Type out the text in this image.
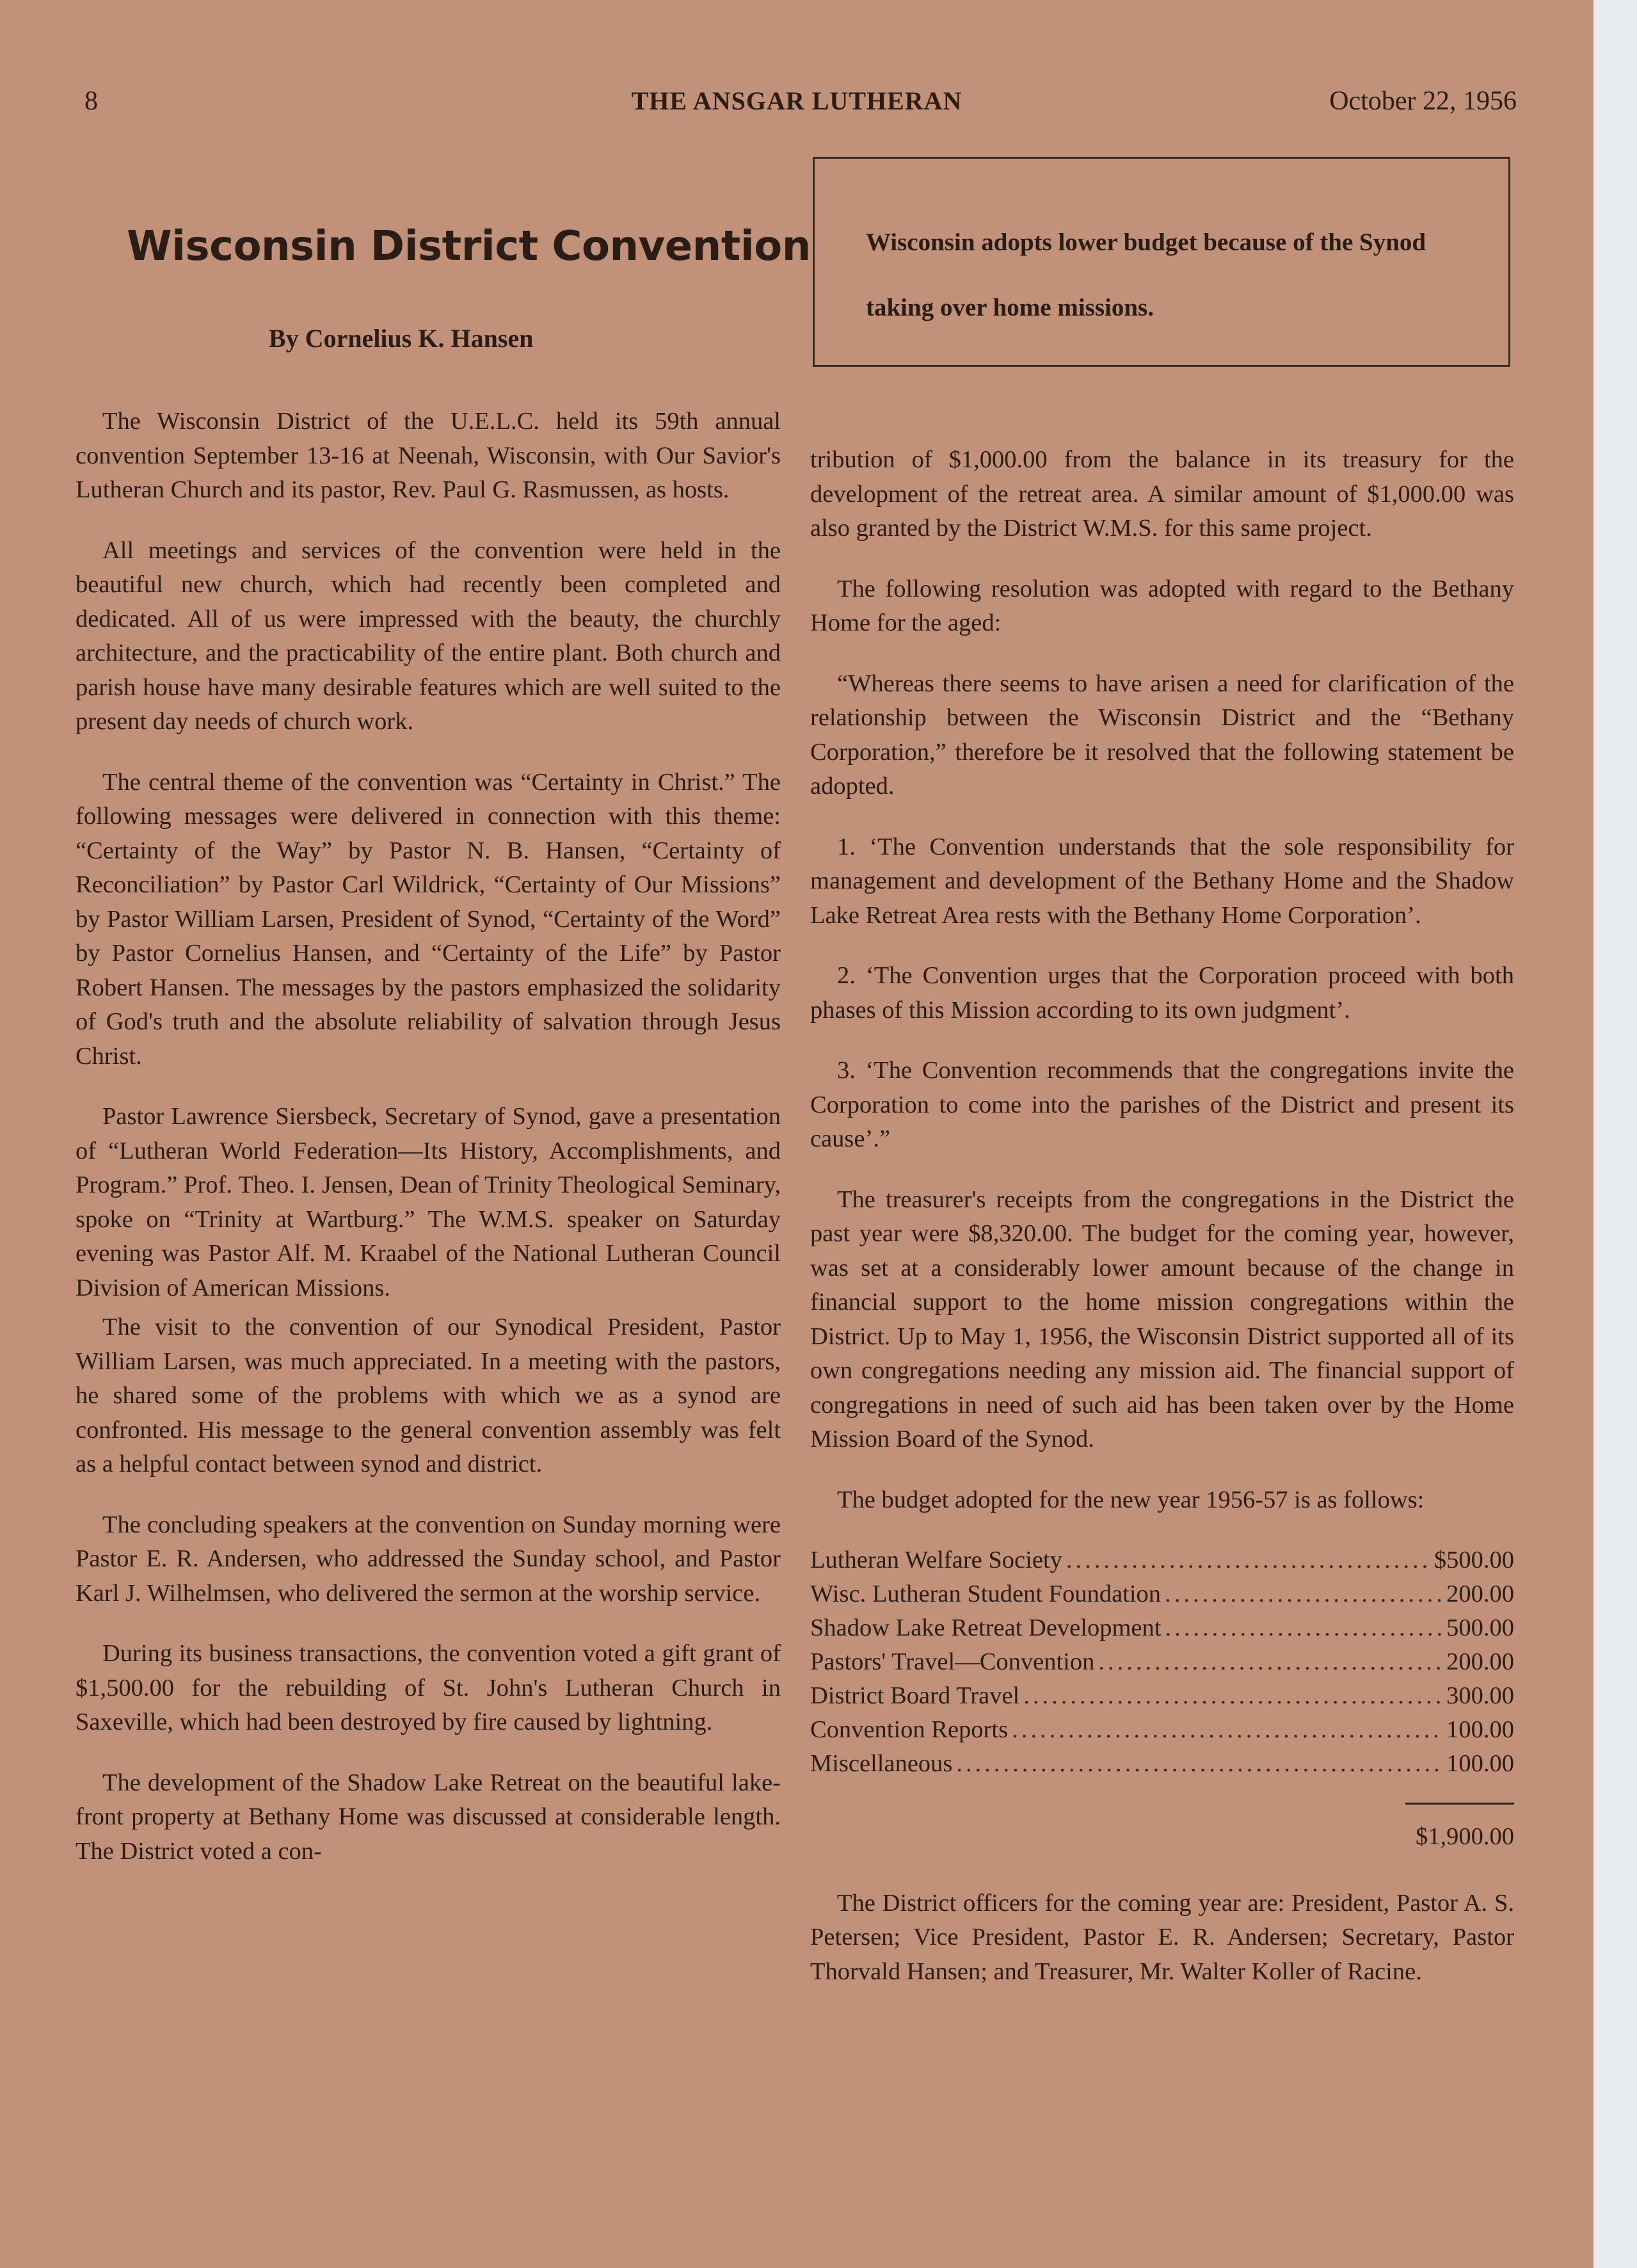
8	THE ANSGAR LUTHERAN	October 22, 1956
Wisconsin adopts lower budget because of the Synod taking over home missions.
Wisconsin District Convention
By Cornelius K. Hansen

The Wisconsin District of the U.E.L.C. held its 59th annual convention September 13-16 at Neenah, Wisconsin, with Our Savior's Lutheran Church and its pastor, Rev. Paul G. Rasmussen, as hosts.

All meetings and services of the convention were held in the beautiful new church, which had recently been completed and dedicated. All of us were impressed with the beauty, the churchly architecture, and the practicability of the entire plant. Both church and parish house have many desirable features which are well suited to the present day needs of church work.

The central theme of the convention was “Certainty in Christ.” The following messages were delivered in connection with this theme: “Certainty of the Way” by Pastor N. B. Hansen, “Certainty of Reconciliation” by Pastor Carl Wildrick, “Certainty of Our Missions” by Pastor William Larsen, President of Synod, “Certainty of the Word” by Pastor Cornelius Hansen, and “Certainty of the Life” by Pastor Robert Hansen. The messages by the pastors emphasized the solidarity of God's truth and the absolute reliability of salvation through Jesus Christ.

Pastor Lawrence Siersbeck, Secretary of Synod, gave a presentation of “Lutheran World Federation—Its History, Accomplishments, and Program.” Prof. Theo. I. Jensen, Dean of Trinity Theological Seminary, spoke on “Trinity at Wartburg.” The W.M.S. speaker on Saturday evening was Pastor Alf. M. Kraabel of the National Lutheran Council Division of American Missions.

The visit to the convention of our Synodical President, Pastor William Larsen, was much appreciated. In a meeting with the pastors, he shared some of the problems with which we as a synod are confronted. His message to the general convention assembly was felt as a helpful contact between synod and district.

The concluding speakers at the convention on Sunday morning were Pastor E. R. Andersen, who addressed the Sunday school, and Pastor Karl J. Wilhelmsen, who delivered the sermon at the worship service.

During its business transactions, the convention voted a gift grant of $1,500.00 for the rebuilding of St. John's Lutheran Church in Saxeville, which had been destroyed by fire caused by lightning.

The development of the Shadow Lake Retreat on the beautiful lake-front property at Bethany Home was discussed at considerable length. The District voted a con-

tribution of $1,000.00 from the balance in its treasury for the development of the retreat area. A similar amount of $1,000.00 was also granted by the District W.M.S. for this same project.

The following resolution was adopted with regard to the Bethany Home for the aged:

“Whereas there seems to have arisen a need for clarification of the relationship between the Wisconsin District and the “Bethany Corporation,” therefore be it resolved that the following statement be adopted.

1. ‘The Convention understands that the sole responsibility for management and development of the Bethany Home and the Shadow Lake Retreat Area rests with the Bethany Home Corporation’.

2. ‘The Convention urges that the Corporation proceed with both phases of this Mission according to its own judgment’.

3. ‘The Convention recommends that the congregations invite the Corporation to come into the parishes of the District and present its cause’.”

The treasurer's receipts from the congregations in the District the past year were $8,320.00. The budget for the coming year, however, was set at a considerably lower amount because of the change in financial support to the home mission congregations within the District. Up to May 1, 1956, the Wisconsin District supported all of its own congregations needing any mission aid. The financial support of congregations in need of such aid has been taken over by the Home Mission Board of the Synod.

The budget adopted for the new year 1956-57 is as follows:

Lutheran Welfare Society .....	$500.00
Wisc. Lutheran Student Foundation .....	200.00
Shadow Lake Retreat Development .....	500.00
Pastors' Travel—Convention .....	200.00
District Board Travel .....	300.00
Convention Reports .....	100.00
Miscellaneous .....	100.00
$1,900.00

The District officers for the coming year are: President, Pastor A. S. Petersen; Vice President, Pastor E. R. Andersen; Secretary, Pastor Thorvald Hansen; and Treasurer, Mr. Walter Koller of Racine.
